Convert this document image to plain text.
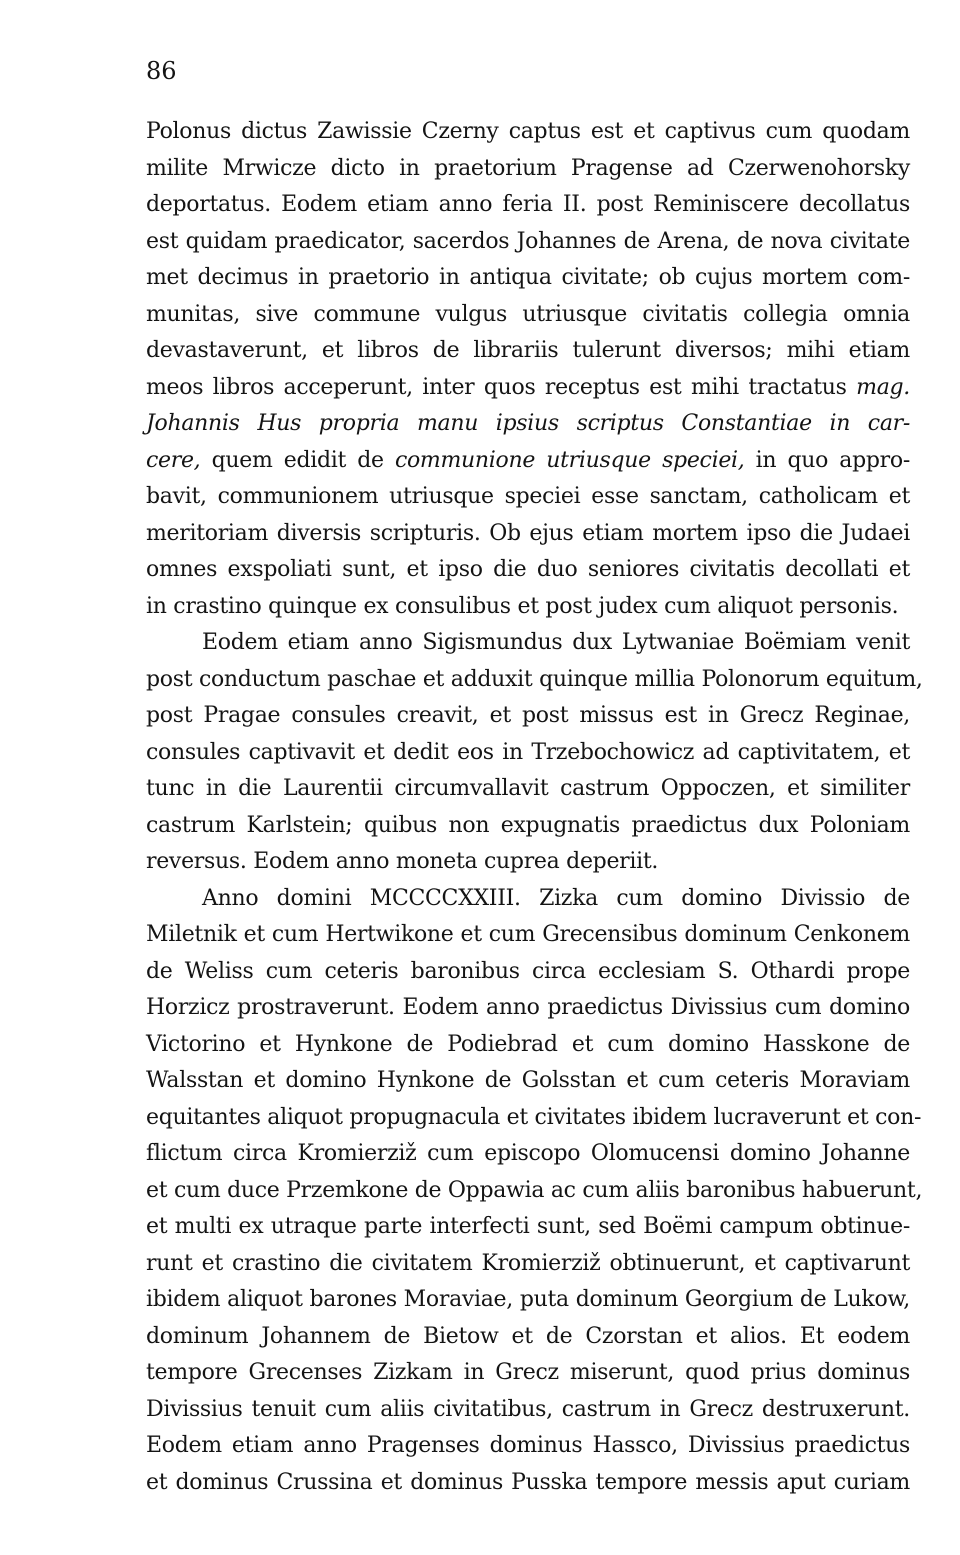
86
Polonus dictus Zawissie Czerny captus est et captivus cum quodam
milite Mrwicze dicto in praetorium Pragense ad Czerwenohorsky
deportatus. Eodem etiam anno feria II. post Reminiscere decollatus
est quidam praedicator, sacerdos Johannes de Arena, de nova civitate
met decimus in praetorio in antiqua civitate; ob cujus mortem com-
munitas, sive commune vulgus utriusque civitatis collegia omnia
devastaverunt, et libros de librariis tulerunt diversos; mihi etiam
meos libros acceperunt, inter quos receptus est mihi tractatus mag.
Johannis Hus propria manu ipsius scriptus Constantiae in car-
cere, quem edidit de communione utriusque speciei, in quo appro-
bavit, communionem utriusque speciei esse sanctam, catholicam et
meritoriam diversis scripturis. Ob ejus etiam mortem ipso die Judaei
omnes exspoliati sunt, et ipso die duo seniores civitatis decollati et
in crastino quinque ex consulibus et post judex cum aliquot personis.
Eodem etiam anno Sigismundus dux Lytwaniae Boëmiam venit
post conductum paschae et adduxit quinque millia Polonorum equitum,
post Pragae consules creavit, et post missus est in Grecz Reginae,
consules captivavit et dedit eos in Trzebochowicz ad captivitatem, et
tunc in die Laurentii circumvallavit castrum Oppoczen, et similiter
castrum Karlstein; quibus non expugnatis praedictus dux Poloniam
reversus. Eodem anno moneta cuprea deperiit.
Anno domini MCCCCXXIII. Zizka cum domino Divissio de
Miletnik et cum Hertwikone et cum Grecensibus dominum Cenkonem
de Weliss cum ceteris baronibus circa ecclesiam S. Othardi prope
Horzicz prostraverunt. Eodem anno praedictus Divissius cum domino
Victorino et Hynkone de Podiebrad et cum domino Hasskone de
Walsstan et domino Hynkone de Golsstan et cum ceteris Moraviam
equitantes aliquot propugnacula et civitates ibidem lucraverunt et con-
flictum circa Kromierziž cum episcopo Olomucensi domino Johanne
et cum duce Przemkone de Oppawia ac cum aliis baronibus habuerunt,
et multi ex utraque parte interfecti sunt, sed Boëmi campum obtinue-
runt et crastino die civitatem Kromierziž obtinuerunt, et captivarunt
ibidem aliquot barones Moraviae, puta dominum Georgium de Lukow,
dominum Johannem de Bietow et de Czorstan et alios. Et eodem
tempore Grecenses Zizkam in Grecz miserunt, quod prius dominus
Divissius tenuit cum aliis civitatibus, castrum in Grecz destruxerunt.
Eodem etiam anno Pragenses dominus Hassco, Divissius praedictus
et dominus Crussina et dominus Pusska tempore messis aput curiam
